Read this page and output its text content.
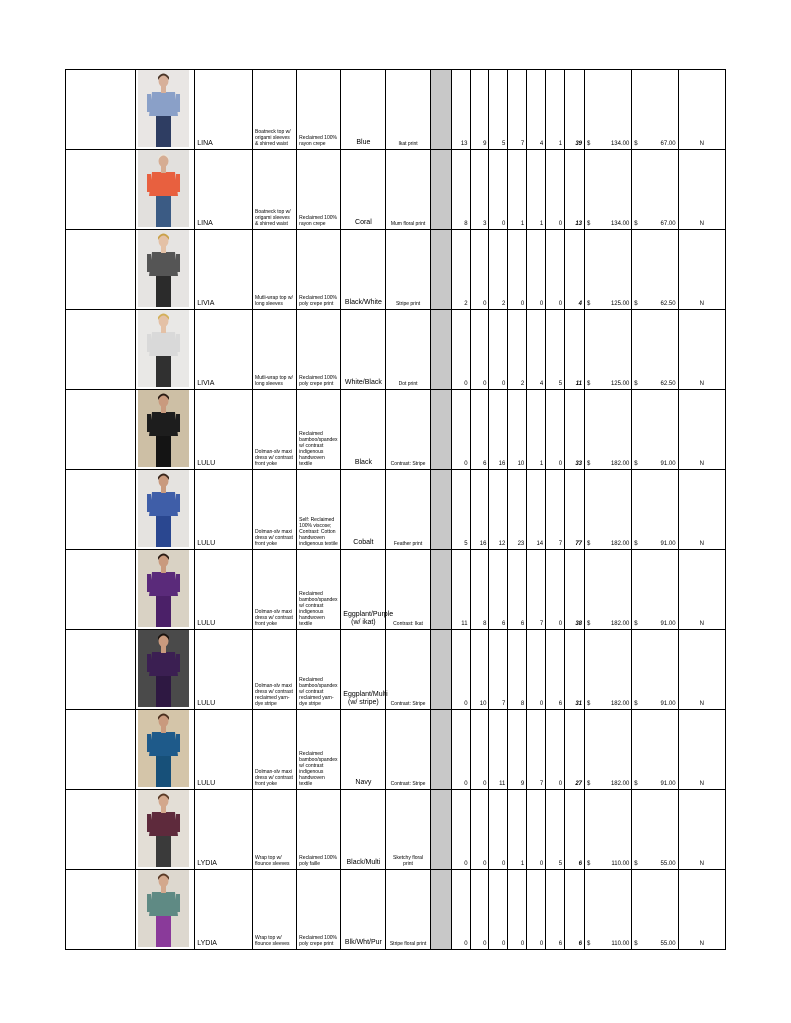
	LINA	Boatneck top w/ origami sleeves & shirred waist	Reclaimed 100% rayon crepe	Blue	Ikat print		13	9	5	7	4	1	39	$ 134.00	$ 67.00	N

	LINA	Boatneck top w/ origami sleeves & shirred waist	Reclaimed 100% rayon crepe	Coral	Mum floral print		8	3	0	1	1	0	13	$ 134.00	$ 67.00	N

	LIVIA	Mutli-wrap top w/ long sleeves	Reclaimed 100% poly crepe print	Black/White	Stripe print		2	0	2	0	0	0	4	$ 125.00	$ 62.50	N

	LIVIA	Mutli-wrap top w/ long sleeves	Reclaimed 100% poly crepe print	White/Black	Dot print		0	0	0	2	4	5	11	$ 125.00	$ 62.50	N

	LULU	Dolman-slv maxi dress w/ contrast front yoke	Reclaimed bamboo/spandex w/ contrast indigenous handwoven textile	Black	Contrast: Stripe		0	6	16	10	1	0	33	$ 182.00	$ 91.00	N

	LULU	Dolman-slv maxi dress w/ contrast front yoke	Self: Reclaimed 100% viscose; Contrast: Cotton handwoven indigenous textile	Cobalt	Feather print		5	16	12	23	14	7	77	$ 182.00	$ 91.00	N

	LULU	Dolman-slv maxi dress w/ contrast front yoke	Reclaimed bamboo/spandex w/ contrast indigenous handwoven textile	Eggplant/Purple (w/ ikat)	Contrast: Ikat		11	8	6	6	7	0	38	$ 182.00	$ 91.00	N

	LULU	Dolman-slv maxi dress w/ contrast reclaimed yarn-dye stripe	Reclaimed bamboo/spandex w/ contrast reclaimed yarn-dye stripe	Eggplant/Multi (w/ stripe)	Contrast: Stripe		0	10	7	8	0	6	31	$ 182.00	$ 91.00	N

	LULU	Dolman-slv maxi dress w/ contrast front yoke	Reclaimed bamboo/spandex w/ contrast indigenous handwoven textile	Navy	Contrast: Stripe		0	0	11	9	7	0	27	$ 182.00	$ 91.00	N

	LYDIA	Wrap top w/ flounce sleeves	Reclaimed 100% poly faille	Black/Multi	Sketchy floral print		0	0	0	1	0	5	6	$ 110.00	$ 55.00	N

	LYDIA	Wrap top w/ flounce sleeves	Reclaimed 100% poly crepe print	Blk/Wht/Pur	Stripe floral print		0	0	0	0	0	6	6	$ 110.00	$ 55.00	N
